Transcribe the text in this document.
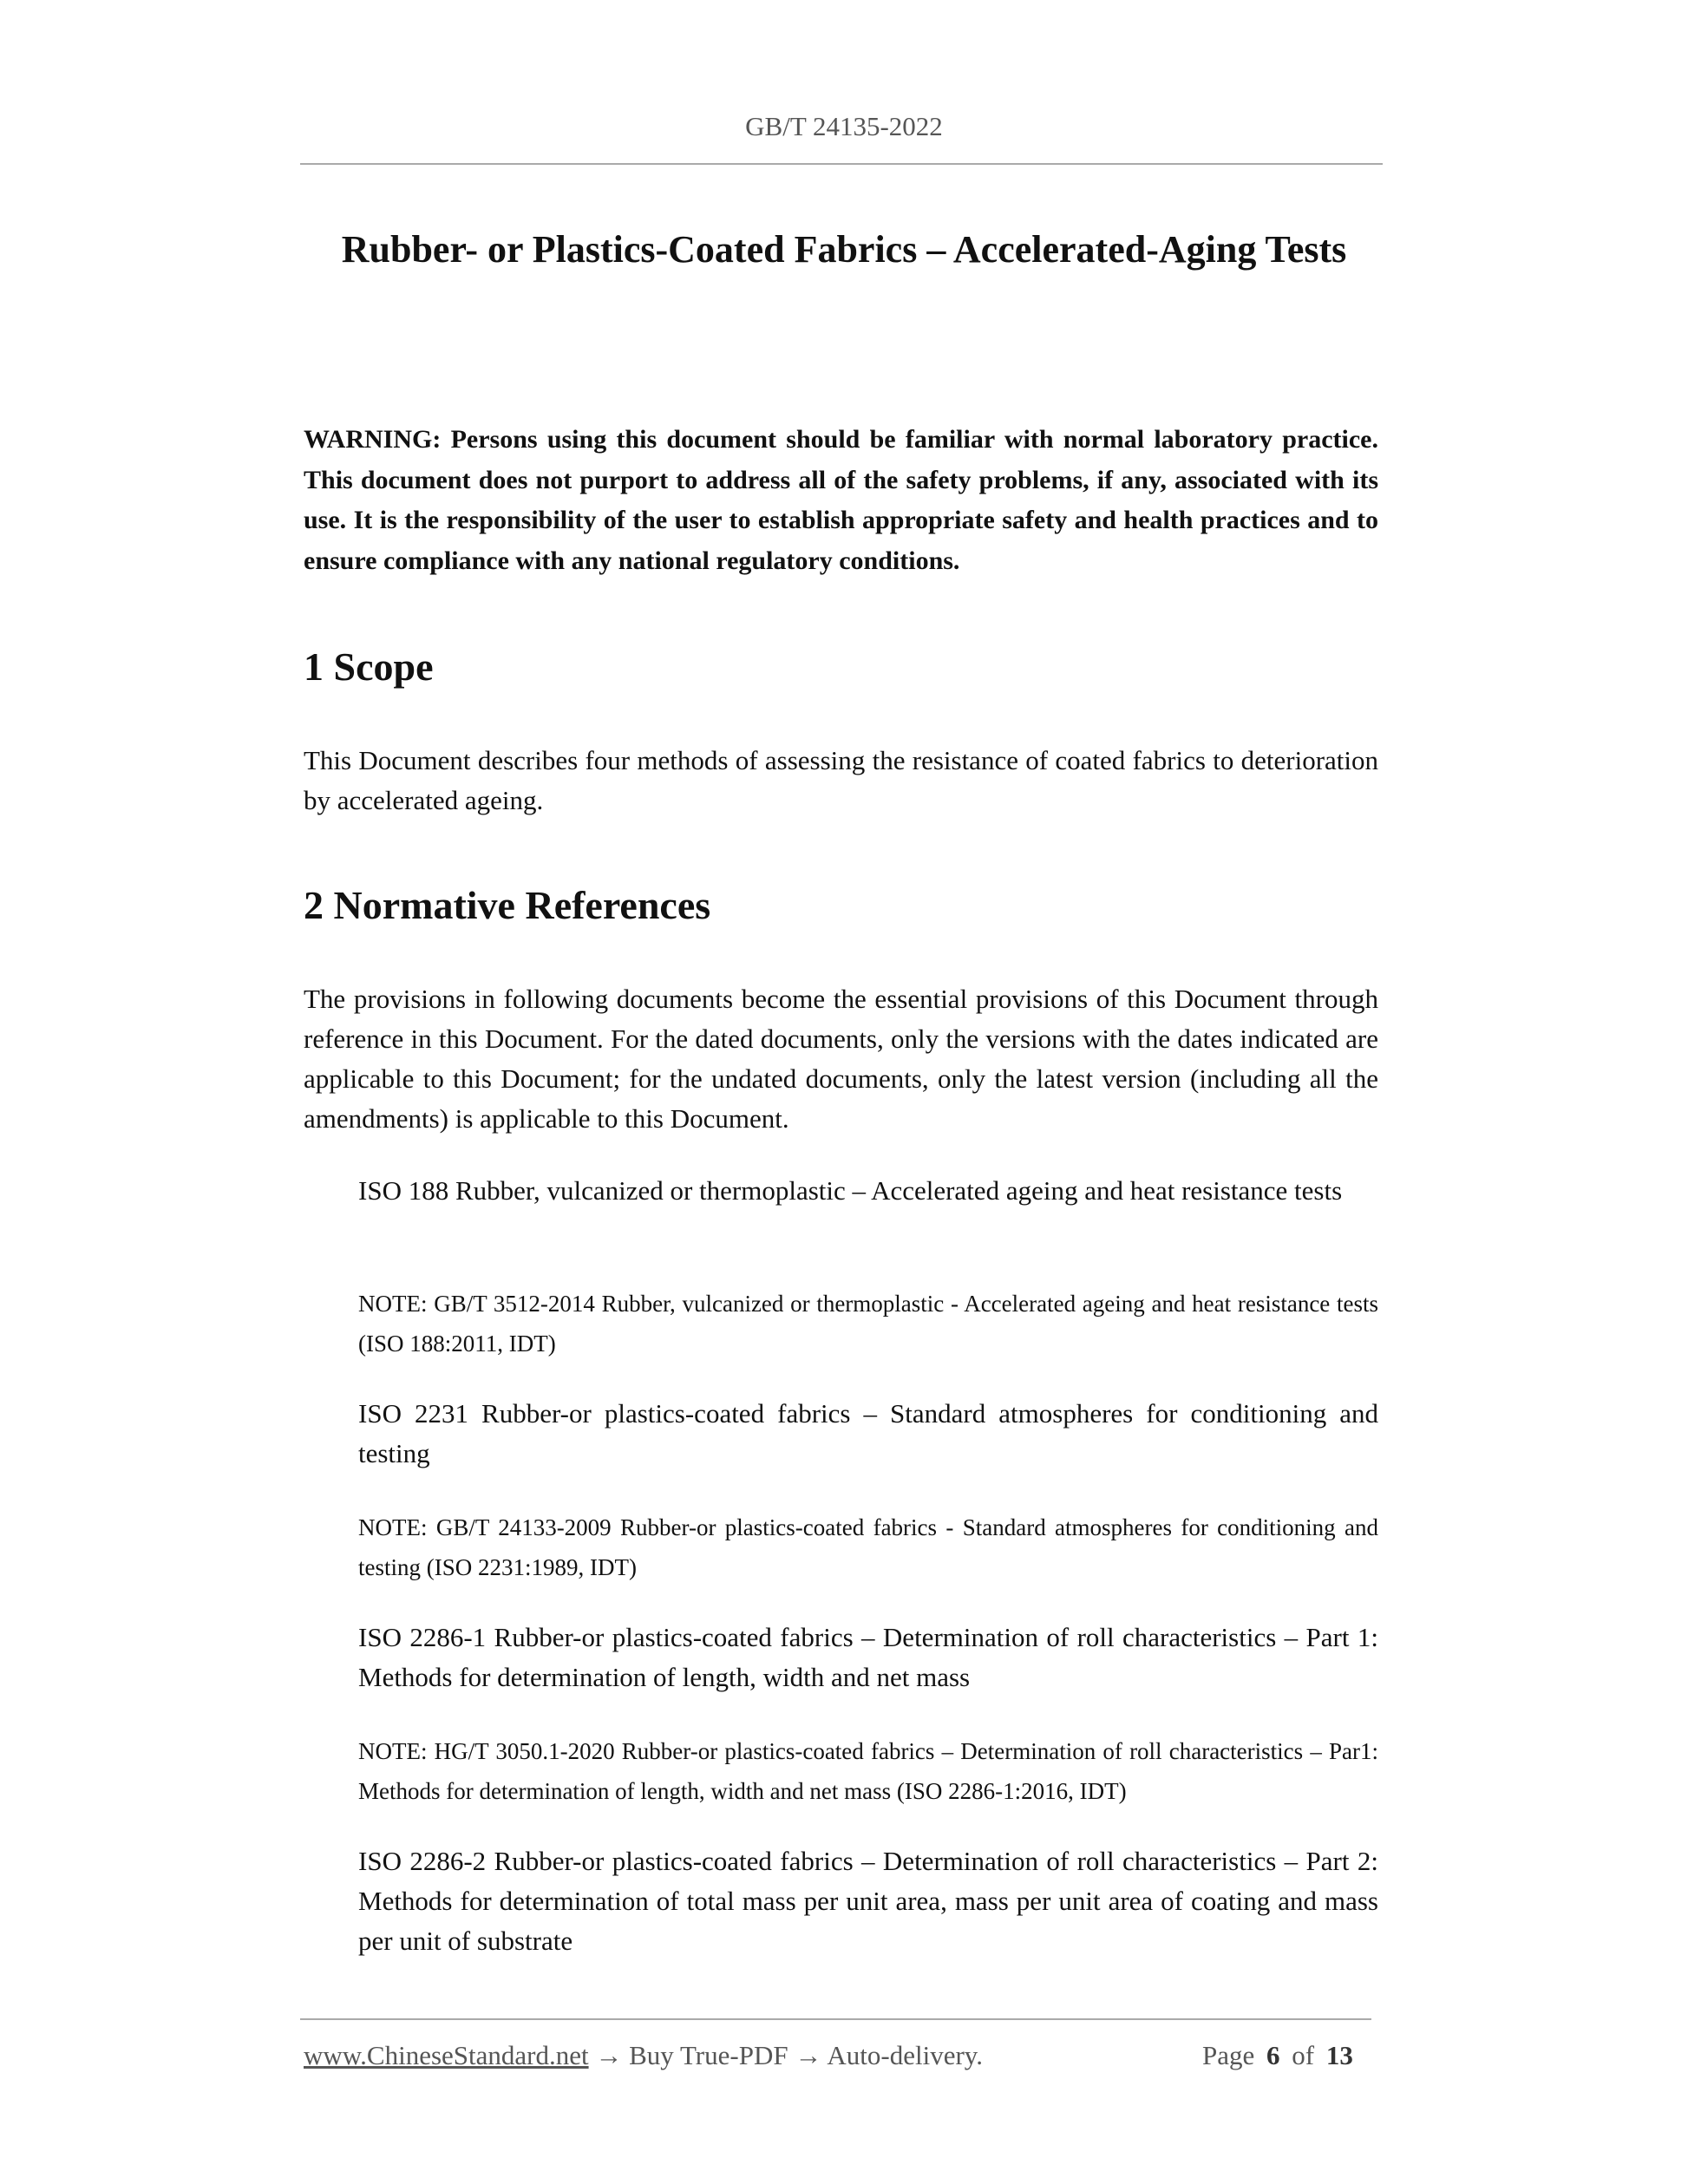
GB/T 24135-2022
Rubber- or Plastics-Coated Fabrics – Accelerated-Aging Tests
WARNING: Persons using this document should be familiar with normal laboratory practice. This document does not purport to address all of the safety problems, if any, associated with its use. It is the responsibility of the user to establish appropriate safety and health practices and to ensure compliance with any national regulatory conditions.
1 Scope
This Document describes four methods of assessing the resistance of coated fabrics to deterioration by accelerated ageing.
2 Normative References
The provisions in following documents become the essential provisions of this Document through reference in this Document. For the dated documents, only the versions with the dates indicated are applicable to this Document; for the undated documents, only the latest version (including all the amendments) is applicable to this Document.
ISO 188 Rubber, vulcanized or thermoplastic – Accelerated ageing and heat resistance tests
NOTE: GB/T 3512-2014 Rubber, vulcanized or thermoplastic - Accelerated ageing and heat resistance tests (ISO 188:2011, IDT)
ISO 2231 Rubber-or plastics-coated fabrics – Standard atmospheres for conditioning and testing
NOTE: GB/T 24133-2009 Rubber-or plastics-coated fabrics - Standard atmospheres for conditioning and testing (ISO 2231:1989, IDT)
ISO 2286-1 Rubber-or plastics-coated fabrics – Determination of roll characteristics – Part 1: Methods for determination of length, width and net mass
NOTE: HG/T 3050.1-2020 Rubber-or plastics-coated fabrics – Determination of roll characteristics – Par1: Methods for determination of length, width and net mass (ISO 2286-1:2016, IDT)
ISO 2286-2 Rubber-or plastics-coated fabrics – Determination of roll characteristics – Part 2: Methods for determination of total mass per unit area, mass per unit area of coating and mass per unit of substrate
www.ChineseStandard.net → Buy True-PDF → Auto-delivery.	Page 6 of 13
